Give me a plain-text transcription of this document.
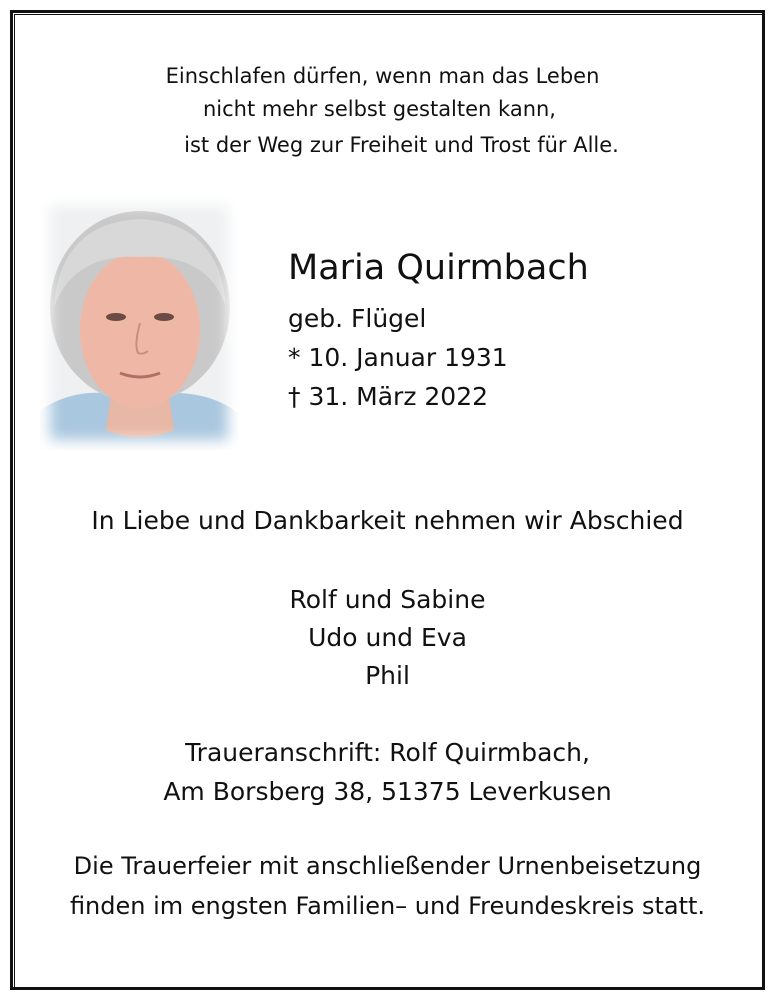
Einschlafen dürfen, wenn man das Leben
nicht mehr selbst gestalten kann,
ist der Weg zur Freiheit und Trost für Alle.
Maria Quirmbach
geb. Flügel
* 10. Januar 1931
† 31. März 2022
In Liebe und Dankbarkeit nehmen wir Abschied
Rolf und Sabine
Udo und Eva
Phil
Traueranschrift: Rolf Quirmbach,
Am Borsberg 38, 51375 Leverkusen
Die Trauerfeier mit anschließender Urnenbeisetzung
finden im engsten Familien– und Freundeskreis statt.
